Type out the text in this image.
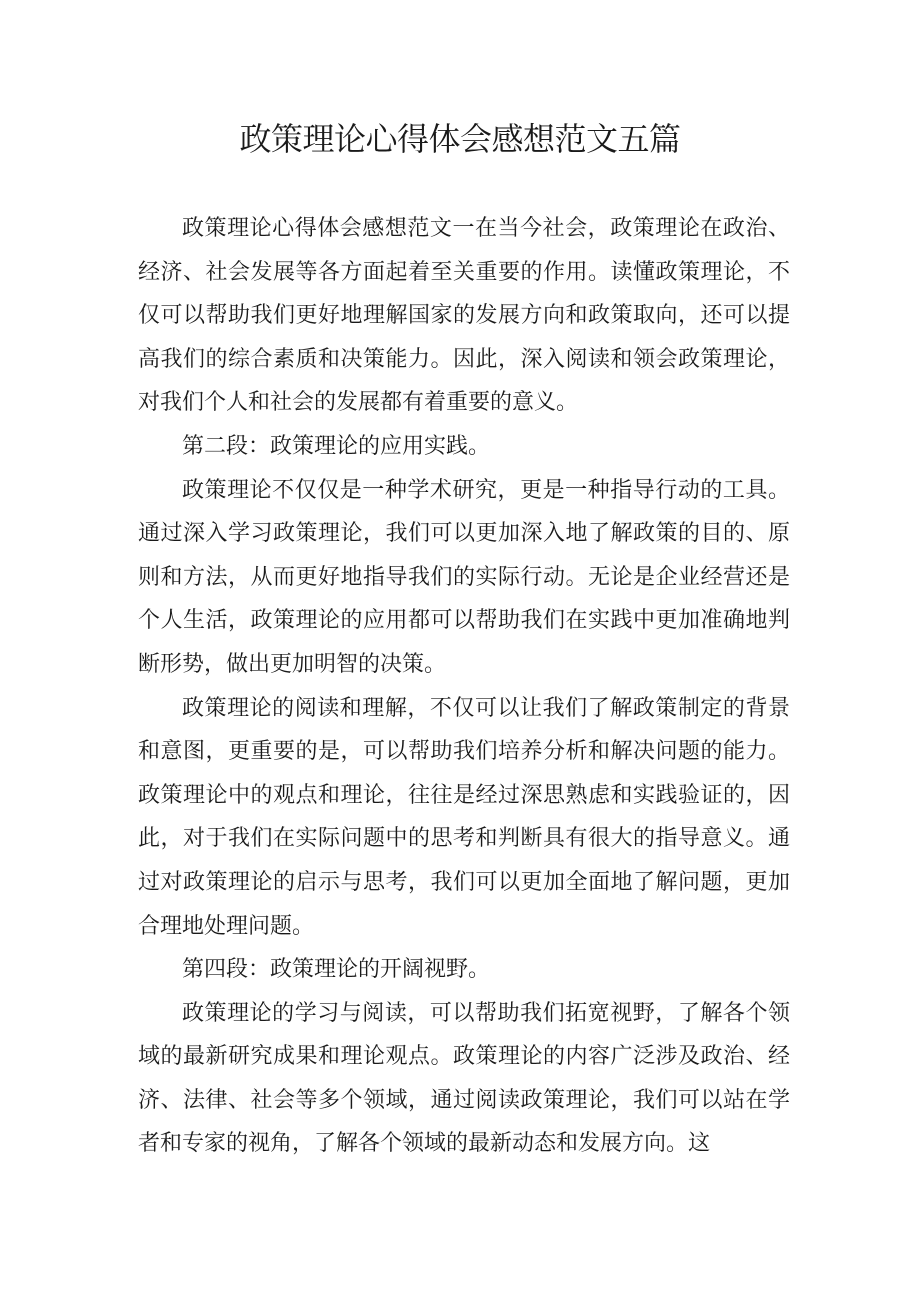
政策理论心得体会感想范文五篇

政策理论心得体会感想范文一在当今社会，政策理论在政治、经济、社会发展等各方面起着至关重要的作用。读懂政策理论，不仅可以帮助我们更好地理解国家的发展方向和政策取向，还可以提高我们的综合素质和决策能力。因此，深入阅读和领会政策理论，对我们个人和社会的发展都有着重要的意义。

第二段：政策理论的应用实践。

政策理论不仅仅是一种学术研究，更是一种指导行动的工具。通过深入学习政策理论，我们可以更加深入地了解政策的目的、原则和方法，从而更好地指导我们的实际行动。无论是企业经营还是个人生活，政策理论的应用都可以帮助我们在实践中更加准确地判断形势，做出更加明智的决策。

政策理论的阅读和理解，不仅可以让我们了解政策制定的背景和意图，更重要的是，可以帮助我们培养分析和解决问题的能力。政策理论中的观点和理论，往往是经过深思熟虑和实践验证的，因此，对于我们在实际问题中的思考和判断具有很大的指导意义。通过对政策理论的启示与思考，我们可以更加全面地了解问题，更加合理地处理问题。

第四段：政策理论的开阔视野。

政策理论的学习与阅读，可以帮助我们拓宽视野，了解各个领域的最新研究成果和理论观点。政策理论的内容广泛涉及政治、经济、法律、社会等多个领域，通过阅读政策理论，我们可以站在学者和专家的视角，了解各个领域的最新动态和发展方向。这
